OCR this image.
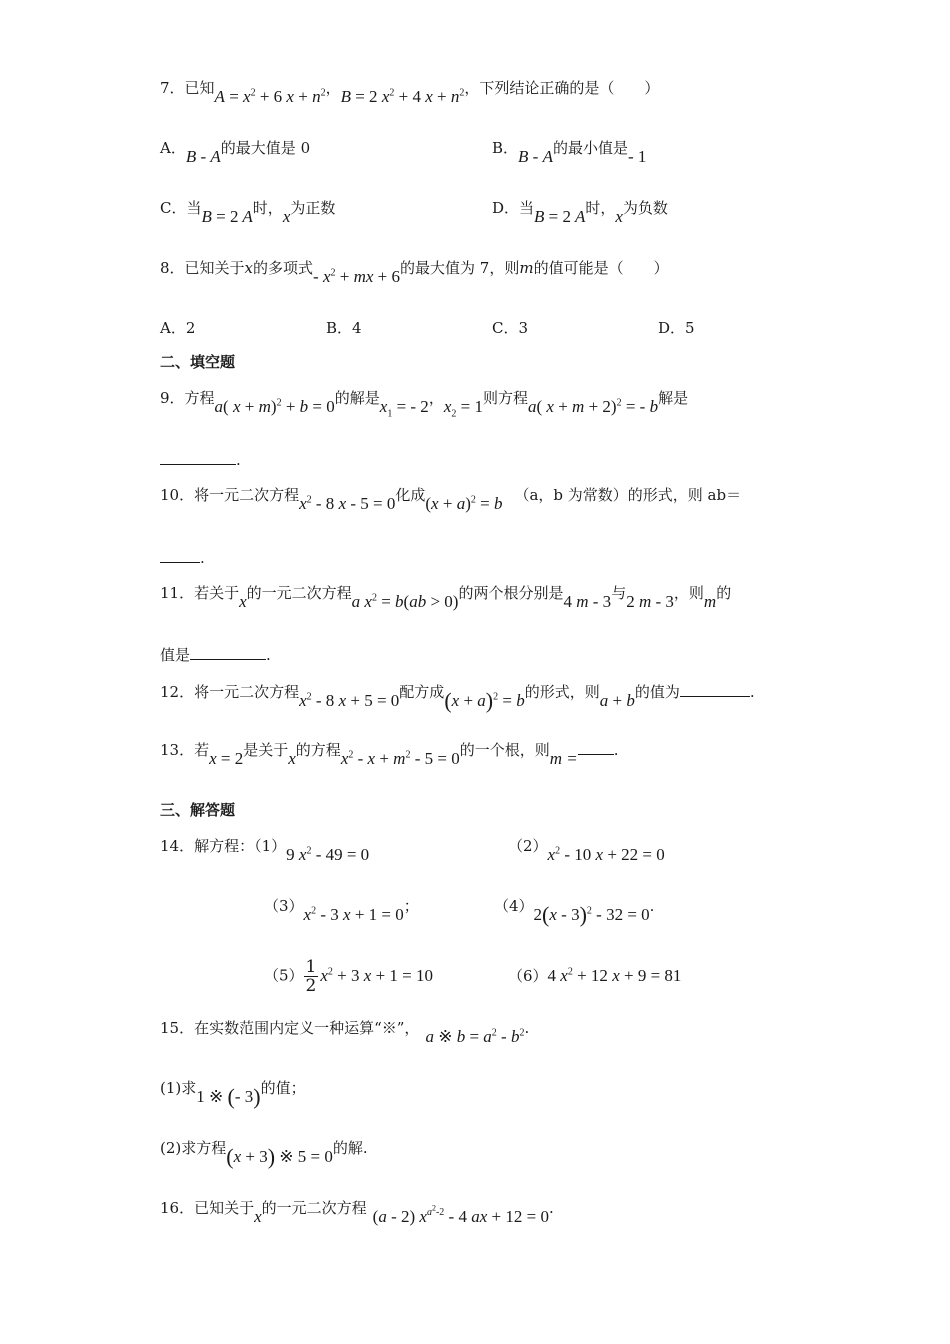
7．已知$A = x^2 + 6$ $x + n^2$，B = 2 $x^2 + 4$ $x + n^2$，下列结论正确的是（　　）
A．B - A的最大值是 0	B．B - A的最小值是- 1
C．当B = 2 A时，x为正数	D．当B = 2 A时，x为负数
8．已知关于x的多项式- $x^2$ + mx + 6的最大值为 7，则m的值可能是（　　）
A．2	B．4	C．3	D．5
二、填空题
9．方程a( x + m)$^2$ + b = 0的解是$x_1$ = - 2，$x_2 = 1$则方程a( x + m + 2)$^2$ = - b解是
.
10．将一元二次方程$x^2 - 8$ x - 5 = 0化成$(x + a)^2 = b$ （a，b 为常数）的形式，则 ab＝
.
11．若关于x的一元二次方程a $x^2 = b(ab > 0)$的两个根分别是4 m - 3与2 m - 3，则m的
值是	.
12．将一元二次方程$x^2 - 8$ x + 5 = 0配方成$(x + a)^2 = b$的形式，则a + b的值为	.
13．若x = 2是关于x的方程$x^2 - x + m^2 - 5 = 0$的一个根，则m = .
三、解答题
14．解方程：（1）9 $x^2 - 49 = 0$	$(2)x^2 - 10$ x + 22 = 0
$(3)x^2 - 3$ x + 1 = 0；	（4）2(x - 3)$^2$ - 32 = 0.
$(5) \frac{1}{2} x^2 + 3$ x + 1 = 10	（6）4 $x^2 + 12$ x + 9 = 81
15．在实数范围内定义一种运算“※”， a ※ $b = a^2 - b^2$.
(1)求1 ※ (- 3)的值；
(2)求方程(x + 3) ※ 5 = 0的解.
16．已知关于x的一元二次方程 (a - 2) $x^{a^2-2} - 4$ ax + 12 = 0.
